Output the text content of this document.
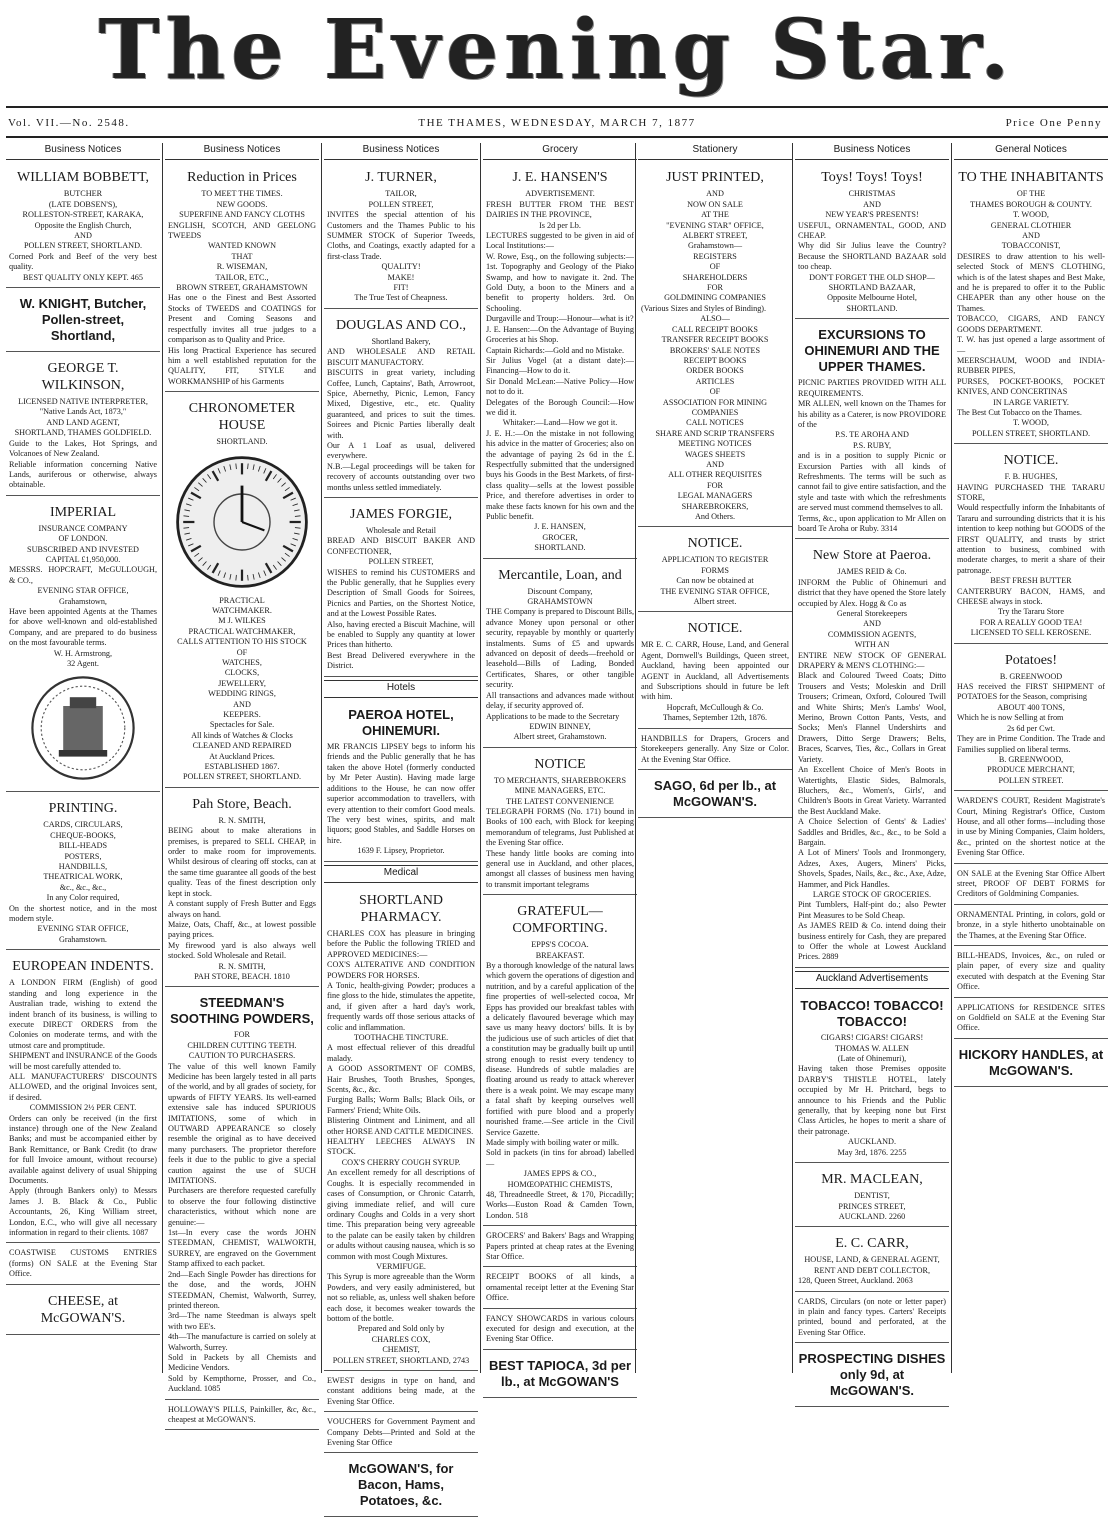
The Evening Star.
Vol. VII.—No. 2548.	THE THAMES, WEDNESDAY, MARCH 7, 1877	Price One Penny
Business Notices
WILLIAM BOBBETT,
BUTCHER
(LATE DOBSEN'S),
ROLLESTON-STREET, KARAKA,
Opposite the English Church,
AND
POLLEN STREET, SHORTLAND.
Corned Pork and Beef of the very best quality.
BEST QUALITY ONLY KEPT. 465
W. KNIGHT, Butcher, Pollen-street, Shortland,
GEORGE T. WILKINSON,
LICENSED NATIVE INTERPRETER,
"Native Lands Act, 1873,"
AND LAND AGENT,
SHORTLAND, THAMES GOLDFIELD.
Guide to the Lakes, Hot Springs, and Volcanoes of New Zealand.
Reliable information concerning Native Lands, auriferous or otherwise, always obtainable.
IMPERIAL
INSURANCE COMPANY
OF LONDON.
SUBSCRIBED AND INVESTED
CAPITAL £1,950,000.
MESSRS. HOPCRAFT, McGULLOUGH, & CO.,
EVENING STAR OFFICE,
Grahamstown,
Have been appointed Agents at the Thames for above well-known and old-established Company, and are prepared to do business on the most favourable terms.
W. H. Armstrong,
32 Agent.
PRINTING.
CARDS, CIRCULARS,
CHEQUE-BOOKS,
BILL-HEADS
POSTERS,
HANDBILLS,
THEATRICAL WORK,
&c., &c., &c.,
In any Color required,
On the shortest notice, and in the most modern style.
EVENING STAR OFFICE,
Grahamstown.
EUROPEAN INDENTS.
A LONDON FIRM (English) of good standing and long experience in the Australian trade, wishing to extend the indent branch of its business, is willing to execute DIRECT ORDERS from the Colonies on moderate terms, and with the utmost care and promptitude.
SHIPMENT and INSURANCE of the Goods will be most carefully attended to.
ALL MANUFACTURERS' DISCOUNTS ALLOWED, and the original Invoices sent, if desired.
COMMISSION 2½ PER CENT.
Orders can only be received (in the first instance) through one of the New Zealand Banks; and must be accompanied either by Bank Remittance, or Bank Credit (to draw for full Invoice amount, without recourse) available against delivery of usual Shipping Documents.
Apply (through Bankers only) to Messrs James J. B. Black & Co., Public Accountants, 26, King William street, London, E.C., who will give all necessary information in regard to their clients. 1087
COASTWISE CUSTOMS ENTRIES (forms) ON SALE at the Evening Star Office.
CHEESE, at McGOWAN'S.
Business Notices
Reduction in Prices
TO MEET THE TIMES.
NEW GOODS.
SUPERFINE AND FANCY CLOTHS
ENGLISH, SCOTCH, AND GEELONG TWEEDS
WANTED KNOWN
THAT
R. WISEMAN,
TAILOR, ETC.,
BROWN STREET, GRAHAMSTOWN
Has one o the Finest and Best Assorted Stocks of TWEEDS and COATINGS for Present and Coming Seasons and respectfully invites all true judges to a comparison as to Quality and Price.
His long Practical Experience has secured him a well established reputation for the QUALITY, FIT, STYLE and WORKMANSHIP of his Garments
CHRONOMETER HOUSE
SHORTLAND.
PRACTICAL
WATCHMAKER.
M J. WILKES
PRACTICAL WATCHMAKER,
CALLS ATTENTION TO HIS STOCK
OF
WATCHES,
CLOCKS,
JEWELLERY,
WEDDING RINGS,
AND
KEEPERS.
Spectacles for Sale.
All kinds of Watches & Clocks
CLEANED AND REPAIRED
At Auckland Prices.
ESTABLISHED 1867.
POLLEN STREET, SHORTLAND.
Pah Store, Beach.
R. N. SMITH,
BEING about to make alterations in premises, is prepared to SELL CHEAP, in order to make room for improvements. Whilst desirous of clearing off stocks, can at the same time guarantee all goods of the best quality. Teas of the finest description only kept in stock.
A constant supply of Fresh Butter and Eggs always on hand.
Maize, Oats, Chaff, &c., at lowest possible paying prices.
My firewood yard is also always well stocked. Sold Wholesale and Retail.
R. N. SMITH,
PAH STORE, BEACH. 1810
STEEDMAN'S SOOTHING POWDERS,
FOR
CHILDREN CUTTING TEETH.
CAUTION TO PURCHASERS.
The value of this well known Family Medicine has been largely tested in all parts of the world, and by all grades of society, for upwards of FIFTY YEARS. Its well-earned extensive sale has induced SPURIOUS IMITATIONS, some of which in OUTWARD APPEARANCE so closely resemble the original as to have deceived many purchasers. The proprietor therefore feels it due to the public to give a special caution against the use of SUCH IMITATIONS.
Purchasers are therefore requested carefully to observe the four following distinctive characteristics, without which none are genuine:—
1st—In every case the words JOHN STEEDMAN, CHEMIST, WALWORTH, SURREY, are engraved on the Government Stamp affixed to each packet.
2nd—Each Single Powder has directions for the dose, and the words, JOHN STEEDMAN, Chemist, Walworth, Surrey, printed thereon.
3rd—The name Steedman is always spelt with two EE's.
4th—The manufacture is carried on solely at Walworth, Surrey.
Sold in Packets by all Chemists and Medicine Vendors.
Sold by Kempthorne, Prosser, and Co., Auckland. 1085
HOLLOWAY'S PILLS, Painkiller, &c, &c., cheapest at McGOWAN'S.
Business Notices
J. TURNER,
TAILOR,
POLLEN STREET,
INVITES the special attention of his Customers and the Thames Public to his SUMMER STOCK of Superior Tweeds, Cloths, and Coatings, exactly adapted for a first-class Trade.
QUALITY!
MAKE!
FIT!
The True Test of Cheapness.
DOUGLAS AND CO.,
Shortland Bakery,
AND WHOLESALE AND RETAIL BISCUIT MANUFACTORY.
BISCUITS in great variety, including Coffee, Lunch, Captains', Bath, Arrowroot, Spice, Abernethy, Picnic, Lemon, Fancy Mixed, Digestive, etc., etc. Quality guaranteed, and prices to suit the times. Soirees and Picnic Parties liberally dealt with.
Our A 1 Loaf as usual, delivered everywhere.
N.B.—Legal proceedings will be taken for recovery of accounts outstanding over two months unless settled immediately.
JAMES FORGIE,
Wholesale and Retail
BREAD AND BISCUIT BAKER AND CONFECTIONER,
POLLEN STREET,
WISHES to remind his CUSTOMERS and the Public generally, that he Supplies every Description of Small Goods for Soirees, Picnics and Parties, on the Shortest Notice, and at the Lowest Possible Rates.
Also, having erected a Biscuit Machine, will be enabled to Supply any quantity at lower Prices than hitherto.
Best Bread Delivered everywhere in the District.
Hotels
PAEROA HOTEL, OHINEMURI.
MR FRANCIS LIPSEY begs to inform his friends and the Public generally that he has taken the above Hotel (formerly conducted by Mr Peter Austin). Having made large additions to the House, he can now offer superior accommodation to travellers, with every attention to their comfort Good meals. The very best wines, spirits, and malt liquors; good Stables, and Saddle Horses on hire.
1639 F. Lipsey, Proprietor.
Medical
SHORTLAND PHARMACY.
CHARLES COX has pleasure in bringing before the Public the following TRIED and APPROVED MEDICINES:—
COX'S ALTERATIVE AND CONDITION POWDERS FOR HORSES.
A Tonic, health-giving Powder; produces a fine gloss to the hide, stimulates the appetite, and, if given after a hard day's work, frequently wards off those serious attacks of colic and inflammation.
TOOTHACHE TINCTURE.
A most effectual reliever of this dreadful malady.
A GOOD ASSORTMENT OF COMBS, Hair Brushes, Tooth Brushes, Sponges, Scents, &c., &c.
Furging Balls; Worm Balls; Black Oils, or Farmers' Friend; White Oils.
Blistering Ointment and Liniment, and all other HORSE AND CATTLE MEDICINES.
HEALTHY LEECHES ALWAYS IN STOCK.
COX'S CHERRY COUGH SYRUP.
An excellent remedy for all descriptions of Coughs. It is especially recommended in cases of Consumption, or Chronic Catarrh, giving immediate relief, and will cure ordinary Coughs and Colds in a very short time. This preparation being very agreeable to the palate can be easily taken by children or adults without causing nausea, which is so common with most Cough Mixtures.
VERMIFUGE.
This Syrup is more agreeable than the Worm Powders, and very easily administered, but not so reliable, as, unless well shaken before each dose, it becomes weaker towards the bottom of the bottle.
Prepared and Sold only by
CHARLES COX,
CHEMIST,
POLLEN STREET, SHORTLAND, 2743
EWEST designs in type on hand, and constant additions being made, at the Evening Star Office.
VOUCHERS for Government Payment and Company Debts—Printed and Sold at the Evening Star Office
McGOWAN'S, for Bacon, Hams, Potatoes, &c.
Grocery
J. E. HANSEN'S
ADVERTISEMENT.
FRESH BUTTER FROM THE BEST DAIRIES IN THE PROVINCE,
Is 2d per Lb.
LECTURES suggested to be given in aid of Local Institutions:—
W. Rowe, Esq., on the following subjects:—1st. Topography and Geology of the Piako Swamp, and how to navigate it. 2nd. The Gold Duty, a boon to the Miners and a benefit to property holders. 3rd. On Schooling.
Durgaville and Troup:—Honour—what is it?
J. E. Hansen:—On the Advantage of Buying Groceries at his Shop.
Captain Richards:—Gold and no Mistake.
Sir Julius Vogel (at a distant date):—Financing—How to do it.
Sir Donald McLean:—Native Policy—How not to do it.
Delegates of the Borough Council:—How we did it.
Whitaker:—Land—How we got it.
J. E. H.:—On the mistake in not following his advice in the matter of Groceries; also on the advantage of paying 2s 6d in the £. Respectfully submitted that the undersigned buys his Goods in the Best Markets, of first-class quality—sells at the lowest possible Price, and therefore advertises in order to make these facts known for his own and the Public benefit.
J. E. HANSEN,
GROCER,
SHORTLAND.
Mercantile, Loan, and
Discount Company,
GRAHAMSTOWN
THE Company is prepared to Discount Bills, advance Money upon personal or other security, repayable by monthly or quarterly instalments. Sums of £5 and upwards advanced on deposit of deeds—freehold or leasehold—Bills of Lading, Bonded Certificates, Shares, or other tangible security.
All transactions and advances made without delay, if security approved of.
Applications to be made to the Secretary
EDWIN BINNEY,
Albert street, Grahamstown.
NOTICE
TO MERCHANTS, SHAREBROKERS
MINE MANAGERS, ETC.
THE LATEST CONVENIENCE
TELEGRAPH FORMS (No. 171) bound in Books of 100 each, with Block for keeping memorandum of telegrams, Just Published at the Evening Star office.
These handy little books are coming into general use in Auckland, and other places, amongst all classes of business men having to transmit important telegrams
GRATEFUL—COMFORTING.
EPPS'S COCOA.
BREAKFAST.
By a thorough knowledge of the natural laws which govern the operations of digestion and nutrition, and by a careful application of the fine properties of well-selected cocoa, Mr Epps has provided our breakfast tables with a delicately flavoured beverage which may save us many heavy doctors' bills. It is by the judicious use of such articles of diet that a constitution may be gradually built up until strong enough to resist every tendency to disease. Hundreds of subtle maladies are floating around us ready to attack wherever there is a weak point. We may escape many a fatal shaft by keeping ourselves well fortified with pure blood and a properly nourished frame.—See article in the Civil Service Gazette.
Made simply with boiling water or milk.
Sold in packets (in tins for abroad) labelled—
JAMES EPPS & CO.,
HOMŒOPATHIC CHEMISTS,
48, Threadneedle Street, & 170, Piccadilly; Works—Euston Road & Camden Town, London. 518
GROCERS' and Bakers' Bags and Wrapping Papers printed at cheap rates at the Evening Star Office.
RECEIPT BOOKS of all kinds, a ornamental receipt letter at the Evening Star Office.
FANCY SHOWCARDS in various colours executed for design and execution, at the Evening Star Office.
BEST TAPIOCA, 3d per lb., at McGOWAN'S
Stationery
JUST PRINTED,
AND
NOW ON SALE
AT THE
"EVENING STAR" OFFICE,
ALBERT STREET,
Grahamstown—
REGISTERS
OF
SHAREHOLDERS
FOR
GOLDMINING COMPANIES
(Various Sizes and Styles of Binding).
ALSO—
CALL RECEIPT BOOKS
TRANSFER RECEIPT BOOKS
BROKERS' SALE NOTES
RECEIPT BOOKS
ORDER BOOKS
ARTICLES
OF
ASSOCIATION FOR MINING
COMPANIES
CALL NOTICES
SHARE AND SCRIP TRANSFERS
MEETING NOTICES
WAGES SHEETS
AND
ALL OTHER REQUISITES
FOR
LEGAL MANAGERS
SHAREBROKERS,
And Others.
NOTICE.
APPLICATION TO REGISTER
FORMS
Can now be obtained at
THE EVENING STAR OFFICE,
Albert street.
NOTICE.
MR E. C. CARR, House, Land, and General Agent, Dornwell's Buildings, Queen street, Auckland, having been appointed our AGENT in Auckland, all Advertisements and Subscriptions should in future be left with him.
Hopcraft, McCullough & Co.
Thames, September 12th, 1876.
HANDBILLS for Drapers, Grocers and Storekeepers generally. Any Size or Color. At the Evening Star Office.
SAGO, 6d per lb., at McGOWAN'S.
Business Notices
Toys! Toys! Toys!
CHRISTMAS
AND
NEW YEAR'S PRESENTS!
USEFUL, ORNAMENTAL, GOOD, AND CHEAP.
Why did Sir Julius leave the Country? Because the SHORTLAND BAZAAR sold too cheap.
DON'T FORGET THE OLD SHOP—
SHORTLAND BAZAAR,
Opposite Melbourne Hotel,
SHORTLAND.
EXCURSIONS TO OHINEMURI AND THE UPPER THAMES.
PICNIC PARTIES PROVIDED WITH ALL REQUIREMENTS.
MR ALLEN, well known on the Thames for his ability as a Caterer, is now PROVIDORE of the
P.S. TE AROHA AND
P.S. RUBY,
and is in a position to supply Picnic or Excursion Parties with all kinds of Refreshments. The terms will be such as cannot fail to give entire satisfaction, and the style and taste with which the refreshments are served must commend themselves to all.
Terms, &c., upon application to Mr Allen on board Te Aroha or Ruby. 3314
New Store at Paeroa.
JAMES REID & Co.
INFORM the Public of Ohinemuri and district that they have opened the Store lately occupied by Alex. Hogg & Co as
General Storekeepers
AND
COMMISSION AGENTS,
WITH AN
ENTIRE NEW STOCK OF GENERAL DRAPERY & MEN'S CLOTHING:—
Black and Coloured Tweed Coats; Ditto Trousers and Vests; Moleskin and Drill Trousers; Crimean, Oxford, Coloured Twill and White Shirts; Men's Lambs' Wool, Merino, Brown Cotton Pants, Vests, and Socks; Men's Flannel Undershirts and Drawers, Ditto Serge Drawers; Belts, Braces, Scarves, Ties, &c., Collars in Great Variety.
An Excellent Choice of Men's Boots in Watertights, Elastic Sides, Balmorals, Bluchers, &c., Women's, Girls', and Children's Boots in Great Variety. Warranted the Best Auckland Make.
A Choice Selection of Gents' & Ladies' Saddles and Bridles, &c., &c., to be Sold a Bargain.
A Lot of Miners' Tools and Ironmongery, Adzes, Axes, Augers, Miners' Picks, Shovels, Spades, Nails, &c., &c., Axe, Adze, Hammer, and Pick Handles.
LARGE STOCK OF GROCERIES.
Pint Tumblers, Half-pint do.; also Pewter Pint Measures to be Sold Cheap.
As JAMES REID & Co. intend doing their business entirely for Cash, they are prepared to Offer the whole at Lowest Auckland Prices. 2889
Auckland Advertisements
TOBACCO! TOBACCO! TOBACCO!
CIGARS! CIGARS! CIGARS!
THOMAS W. ALLEN
(Late of Ohinemuri),
Having taken those Premises opposite DARBY'S THISTLE HOTEL, lately occupied by Mr H. Pritchard, begs to announce to his Friends and the Public generally, that by keeping none but First Class Articles, he hopes to merit a share of their patronage.
AUCKLAND.
May 3rd, 1876. 2255
MR. MACLEAN,
DENTIST,
PRINCES STREET,
AUCKLAND. 2260
E. C. CARR,
HOUSE, LAND, & GENERAL AGENT,
RENT AND DEBT COLLECTOR,
128, Queen Street, Auckland. 2063
CARDS, Circulars (on note or letter paper) in plain and fancy types. Carters' Receipts printed, bound and perforated, at the Evening Star Office.
PROSPECTING DISHES only 9d, at McGOWAN'S.
General Notices
TO THE INHABITANTS
OF THE
THAMES BOROUGH & COUNTY.
T. WOOD,
GENERAL CLOTHIER
AND
TOBACCONIST,
DESIRES to draw attention to his well-selected Stock of MEN'S CLOTHING, which is of the latest shapes and Best Make, and he is prepared to offer it to the Public CHEAPER than any other house on the Thames.
TOBACCO, CIGARS, AND FANCY GOODS DEPARTMENT.
T. W. has just opened a large assortment of—
MEERSCHAUM, WOOD and INDIA-RUBBER PIPES,
PURSES, POCKET-BOOKS, POCKET KNIVES, AND CONCERTINAS
IN LARGE VARIETY.
The Best Cut Tobacco on the Thames.
T. WOOD,
POLLEN STREET, SHORTLAND.
NOTICE.
F. B. HUGHES,
HAVING PURCHASED THE TARARU STORE,
Would respectfully inform the Inhabitants of Tararu and surrounding districts that it is his intention to keep nothing but GOODS of the FIRST QUALITY, and trusts by strict attention to business, combined with moderate charges, to merit a share of their patronage.
BEST FRESH BUTTER
CANTERBURY BACON, HAMS, and CHEESE always in stock.
Try the Tararu Store
FOR A REALLY GOOD TEA!
LICENSED TO SELL KEROSENE.
Potatoes!
B. GREENWOOD
HAS received the FIRST SHIPMENT of POTATOES for the Season, comprising
ABOUT 400 TONS,
Which he is now Selling at from
2s 6d per Cwt.
They are in Prime Condition. The Trade and Families supplied on liberal terms.
B. GREENWOOD,
PRODUCE MERCHANT,
POLLEN STREET.
WARDEN'S COURT, Resident Magistrate's Court, Mining Registrar's Office, Custom House, and all other forms—including those in use by Mining Companies, Claim holders, &c., printed on the shortest notice at the Evening Star Office.
ON SALE at the Evening Star Office Albert street, PROOF OF DEBT FORMS for Creditors of Goldmining Companies.
ORNAMENTAL Printing, in colors, gold or bronze, in a style hitherto unobtainable on the Thames, at the Evening Star Office.
BILL-HEADS, Invoices, &c., on ruled or plain paper, of every size and quality executed with despatch at the Evening Star Office.
APPLICATIONS for RESIDENCE SITES on Goldfield on SALE at the Evening Star Office.
HICKORY HANDLES, at McGOWAN'S.
